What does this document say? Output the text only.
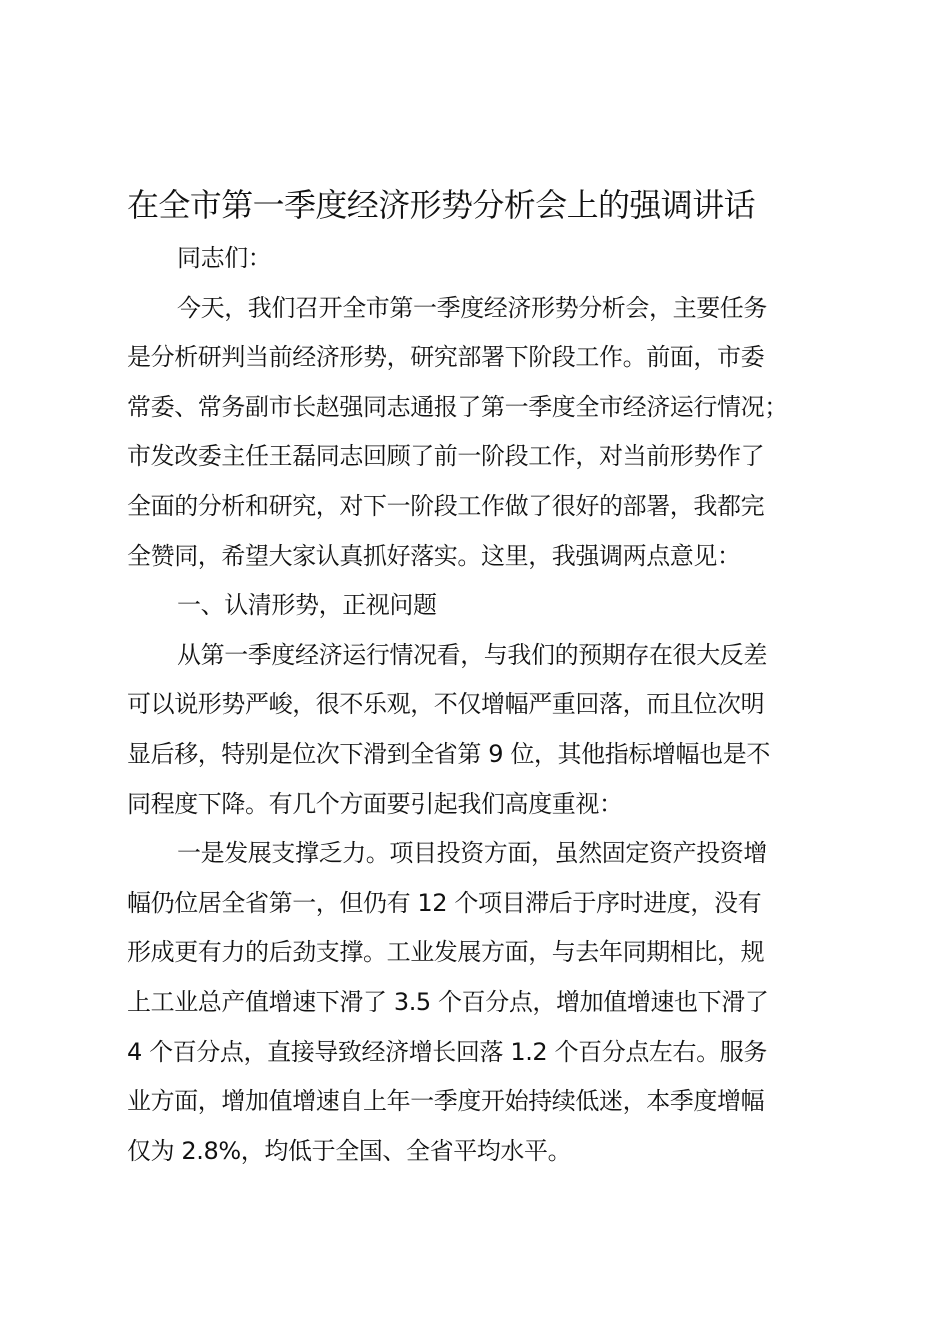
在全市第一季度经济形势分析会上的强调讲话
同志们：
今天，我们召开全市第一季度经济形势分析会，主要任务
是分析研判当前经济形势，研究部署下阶段工作。前面，市委
常委、常务副市长赵强同志通报了第一季度全市经济运行情况；
市发改委主任王磊同志回顾了前一阶段工作，对当前形势作了
全面的分析和研究，对下一阶段工作做了很好的部署，我都完
全赞同，希望大家认真抓好落实。这里，我强调两点意见：
一、认清形势，正视问题
从第一季度经济运行情况看，与我们的预期存在很大反差
可以说形势严峻，很不乐观，不仅增幅严重回落，而且位次明
显后移，特别是位次下滑到全省第 9 位，其他指标增幅也是不
同程度下降。有几个方面要引起我们高度重视：
一是发展支撑乏力。项目投资方面，虽然固定资产投资增
幅仍位居全省第一，但仍有 12 个项目滞后于序时进度，没有
形成更有力的后劲支撑。工业发展方面，与去年同期相比，规
上工业总产值增速下滑了 3.5 个百分点，增加值增速也下滑了
4 个百分点，直接导致经济增长回落 1.2 个百分点左右。服务
业方面，增加值增速自上年一季度开始持续低迷，本季度增幅
仅为 2.8%，均低于全国、全省平均水平。
